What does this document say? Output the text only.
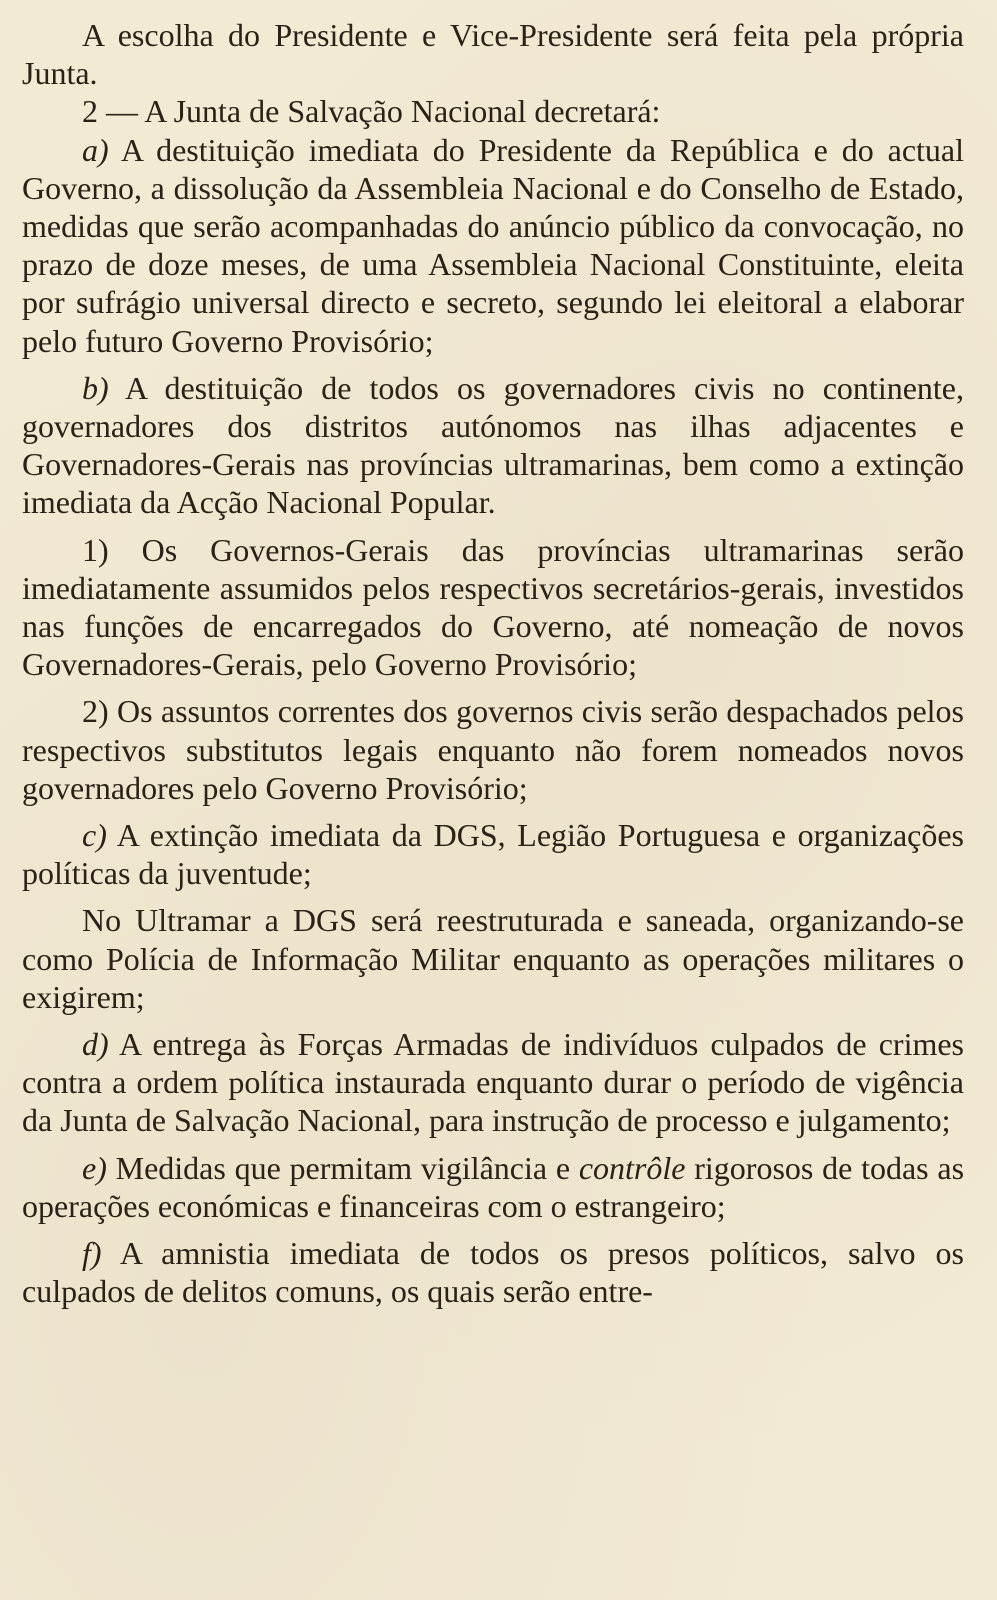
A escolha do Presidente e Vice-Presidente será feita pela própria Junta.

2 — A Junta de Salvação Nacional decretará:

a) A destituição imediata do Presidente da República e do actual Governo, a dissolução da Assembleia Nacional e do Conselho de Estado, medidas que serão acompanhadas do anúncio público da convocação, no prazo de doze meses, de uma Assembleia Nacional Constituinte, eleita por sufrágio universal directo e secreto, segundo lei eleitoral a elaborar pelo futuro Governo Provisório;

b) A destituição de todos os governadores civis no continente, governadores dos distritos autónomos nas ilhas adjacentes e Governadores-Gerais nas províncias ultramarinas, bem como a extinção imediata da Acção Nacional Popular.

1) Os Governos-Gerais das províncias ultramarinas serão imediatamente assumidos pelos respectivos secretários-gerais, investidos nas funções de encarregados do Governo, até nomeação de novos Governadores-Gerais, pelo Governo Provisório;

2) Os assuntos correntes dos governos civis serão despachados pelos respectivos substitutos legais enquanto não forem nomeados novos governadores pelo Governo Provisório;

c) A extinção imediata da DGS, Legião Portuguesa e organizações políticas da juventude;

No Ultramar a DGS será reestruturada e saneada, organizando-se como Polícia de Informação Militar enquanto as operações militares o exigirem;

d) A entrega às Forças Armadas de indivíduos culpados de crimes contra a ordem política instaurada enquanto durar o período de vigência da Junta de Salvação Nacional, para instrução de processo e julgamento;

e) Medidas que permitam vigilância e contrôle rigorosos de todas as operações económicas e financeiras com o estrangeiro;

f) A amnistia imediata de todos os presos políticos, salvo os culpados de delitos comuns, os quais serão entre-
